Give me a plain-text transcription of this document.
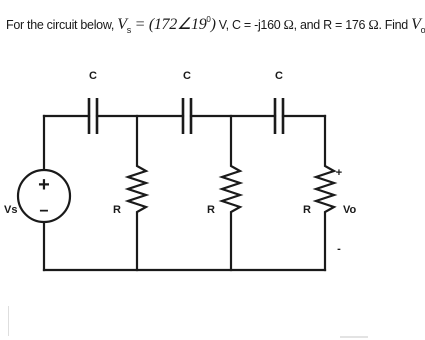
For the circuit below, $V_s$ = $(172\angle 19^0)$ V, C = -j160 Ω, and R = 176 Ω. Find $V_o$
C	C	C
R	R	R
Vs
+
−	Vo
+
-
